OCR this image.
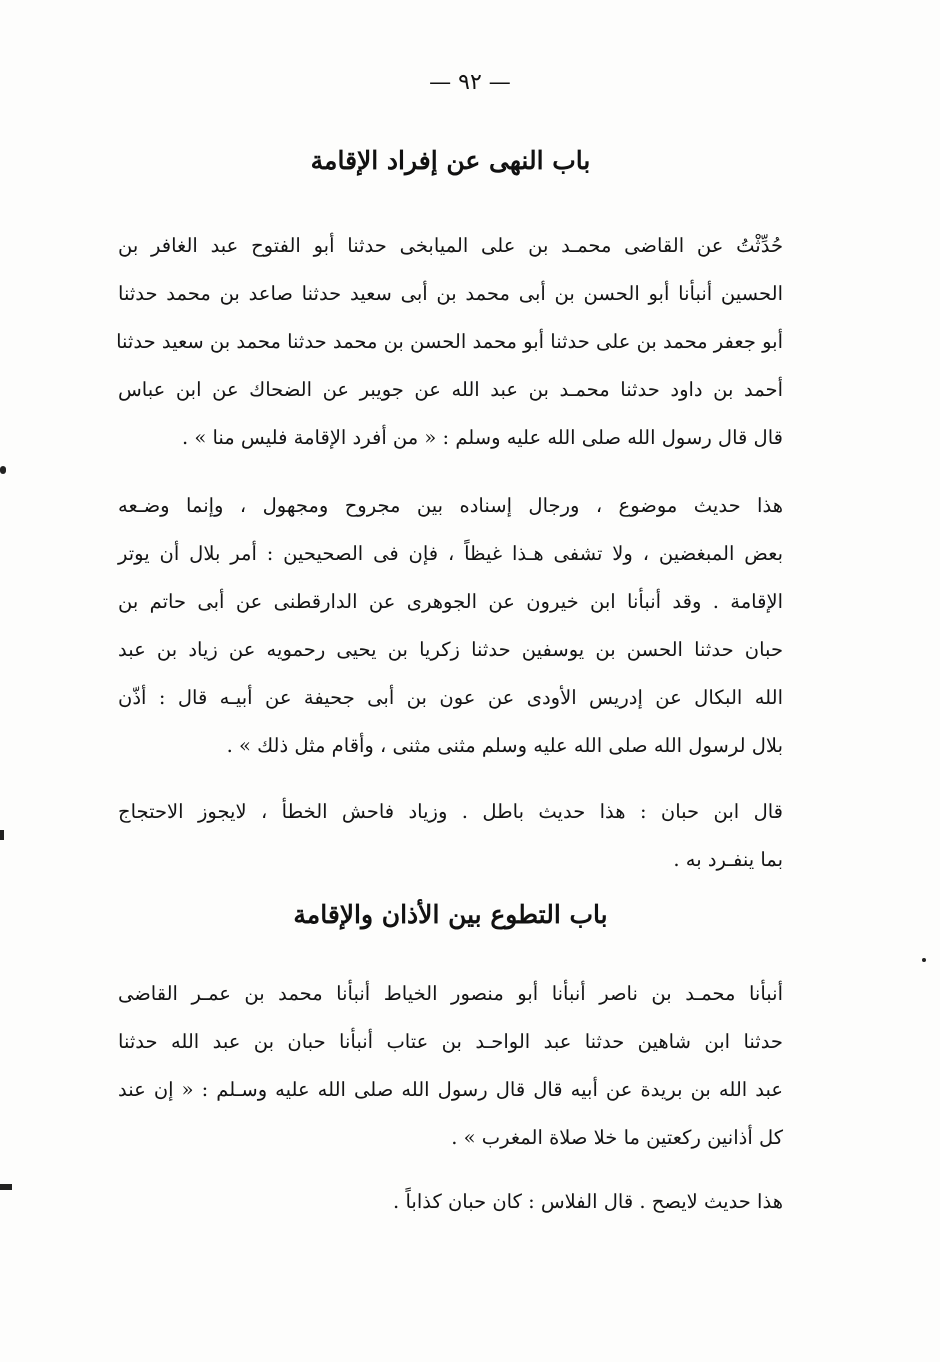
— ٩٢ —
باب النهى عن إفراد الإقامة
حُدِّثْتُ عن القاضى محمـد بن على الميابخى حدثنا أبو الفتوح عبد الغافر بن
الحسين أنبأنا أبو الحسن بن أبى محمد بن أبى سعيد حدثنا صاعد بن محمد حدثنا
أبو جعفر محمد بن على حدثنا أبو محمد الحسن بن محمد حدثنا محمد بن سعيد حدثنا
أحمد بن داود حدثنا محمـد بن عبد الله عن جويبر عن الضحاك عن ابن عباس
قال قال رسول الله صلى الله عليه وسلم : « من أفرد الإقامة فليس منا » .
هذا حديث موضوع ، ورجال إسناده بين مجروح ومجهول ، وإنما وضـعه
بعض المبغضين ، ولا تشفى هـذا غيظاً ، فإن فى الصحيحين : أمر بلال أن يوتر
الإقامة . وقد أنبأنا ابن خيرون عن الجوهرى عن الدارقطنى عن أبى حاتم بن
حبان حدثنا الحسن بن يوسفين حدثنا زكريا بن يحيى رحمويه عن زياد بن عبد
الله البكال عن إدريس الأودى عن عون بن أبى جحيفة عن أبيـه قال : أذّن
بلال لرسول الله صلى الله عليه وسلم مثنى مثنى ، وأقام مثل ذلك » .
قال ابن حبان : هذا حديث باطل . وزياد فاحش الخطأ ، لايجوز الاحتجاج
بما ينفـرد به .
باب التطوع بين الأذان والإقامة
أنبأنا محمـد بن ناصر أنبأنا أبو منصور الخياط أنبأنا محمد بن عمـر القاضى
حدثنا ابن شاهين حدثنا عبد الواحـد بن عتاب أنبأنا حبان بن عبد الله حدثنا
عبد الله بن بريدة عن أبيه قال قال رسول الله صلى الله عليه وسـلم : « إن عند
كل أذانين ركعتين ما خلا صلاة المغرب » .
هذا حديث لايصح . قال الفلاس : كان حبان كذاباً .
